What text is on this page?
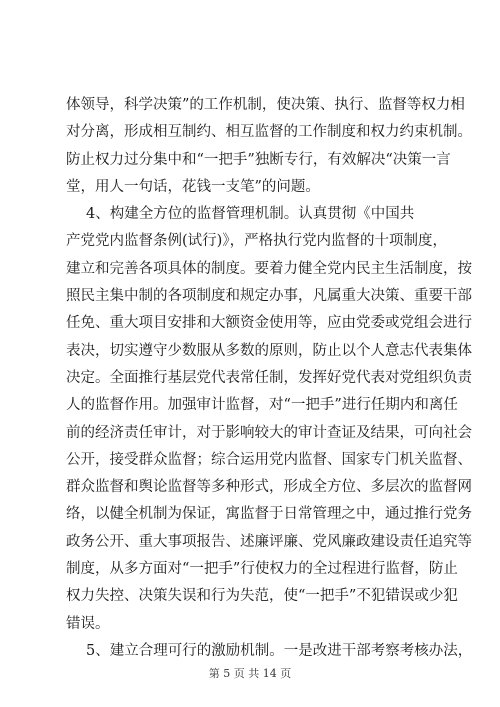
体领导，科学决策”的工作机制，使决策、执行、监督等权力相
对分离，形成相互制约、相互监督的工作制度和权力约束机制。
防止权力过分集中和“一把手”独断专行，有效解决“决策一言
堂，用人一句话，花钱一支笔”的问题。
4、构建全方位的监督管理机制。认真贯彻《中国共
产党党内监督条例(试行)》，严格执行党内监督的十项制度，
建立和完善各项具体的制度。要着力健全党内民主生活制度，按
照民主集中制的各项制度和规定办事，凡属重大决策、重要干部
任免、重大项目安排和大额资金使用等，应由党委或党组会进行
表决，切实遵守少数服从多数的原则，防止以个人意志代表集体
决定。全面推行基层党代表常任制，发挥好党代表对党组织负责
人的监督作用。加强审计监督，对“一把手”进行任期内和离任
前的经济责任审计，对于影响较大的审计查证及结果，可向社会
公开，接受群众监督；综合运用党内监督、国家专门机关监督、
群众监督和舆论监督等多种形式，形成全方位、多层次的监督网
络，以健全机制为保证，寓监督于日常管理之中，通过推行党务
政务公开、重大事项报告、述廉评廉、党风廉政建设责任追究等
制度，从多方面对“一把手”行使权力的全过程进行监督，防止
权力失控、决策失误和行为失范，使“一把手”不犯错误或少犯
错误。
5、建立合理可行的激励机制。一是改进干部考察考核办法，
第 5 页 共 14 页
